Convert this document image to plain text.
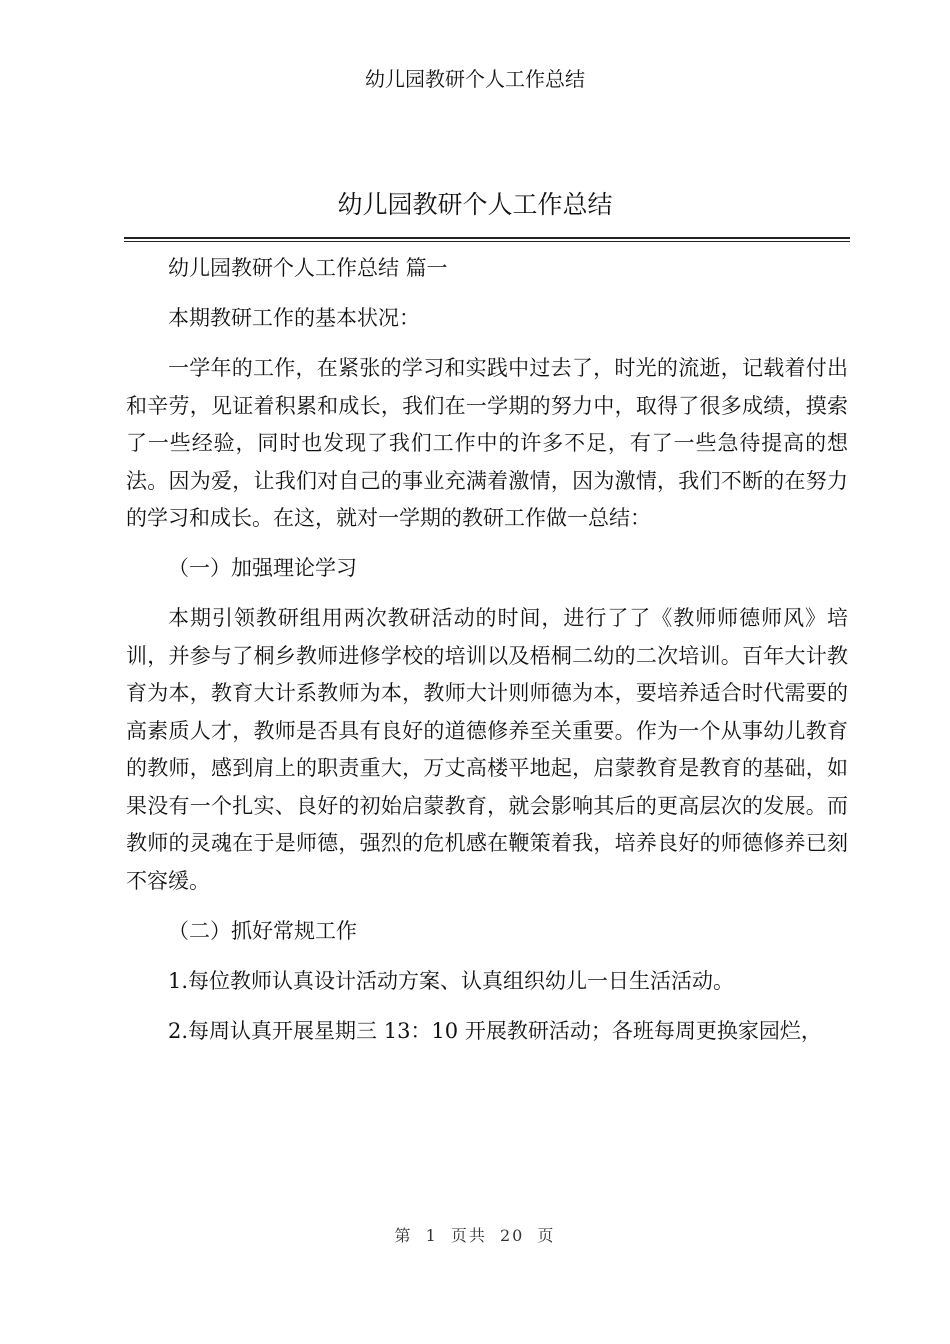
幼儿园教研个人工作总结
幼儿园教研个人工作总结

幼儿园教研个人工作总结 篇一

本期教研工作的基本状况：

一学年的工作，在紧张的学习和实践中过去了，时光的流逝，记载着付出和辛劳，见证着积累和成长，我们在一学期的努力中，取得了很多成绩，摸索了一些经验，同时也发现了我们工作中的许多不足，有了一些急待提高的想法。因为爱，让我们对自己的事业充满着激情，因为激情，我们不断的在努力的学习和成长。在这，就对一学期的教研工作做一总结：

（一）加强理论学习

本期引领教研组用两次教研活动的时间，进行了了《教师师德师风》培训，并参与了桐乡教师进修学校的培训以及梧桐二幼的二次培训。百年大计教育为本，教育大计系教师为本，教师大计则师德为本，要培养适合时代需要的高素质人才，教师是否具有良好的道德修养至关重要。作为一个从事幼儿教育的教师，感到肩上的职责重大，万丈高楼平地起，启蒙教育是教育的基础，如果没有一个扎实、良好的初始启蒙教育，就会影响其后的更高层次的发展。而教师的灵魂在于是师德，强烈的危机感在鞭策着我，培养良好的师德修养已刻不容缓。

（二）抓好常规工作

1.每位教师认真设计活动方案、认真组织幼儿一日生活活动。

2.每周认真开展星期三 13：10 开展教研活动；各班每周更换家园烂，

第 1 页共 20 页
